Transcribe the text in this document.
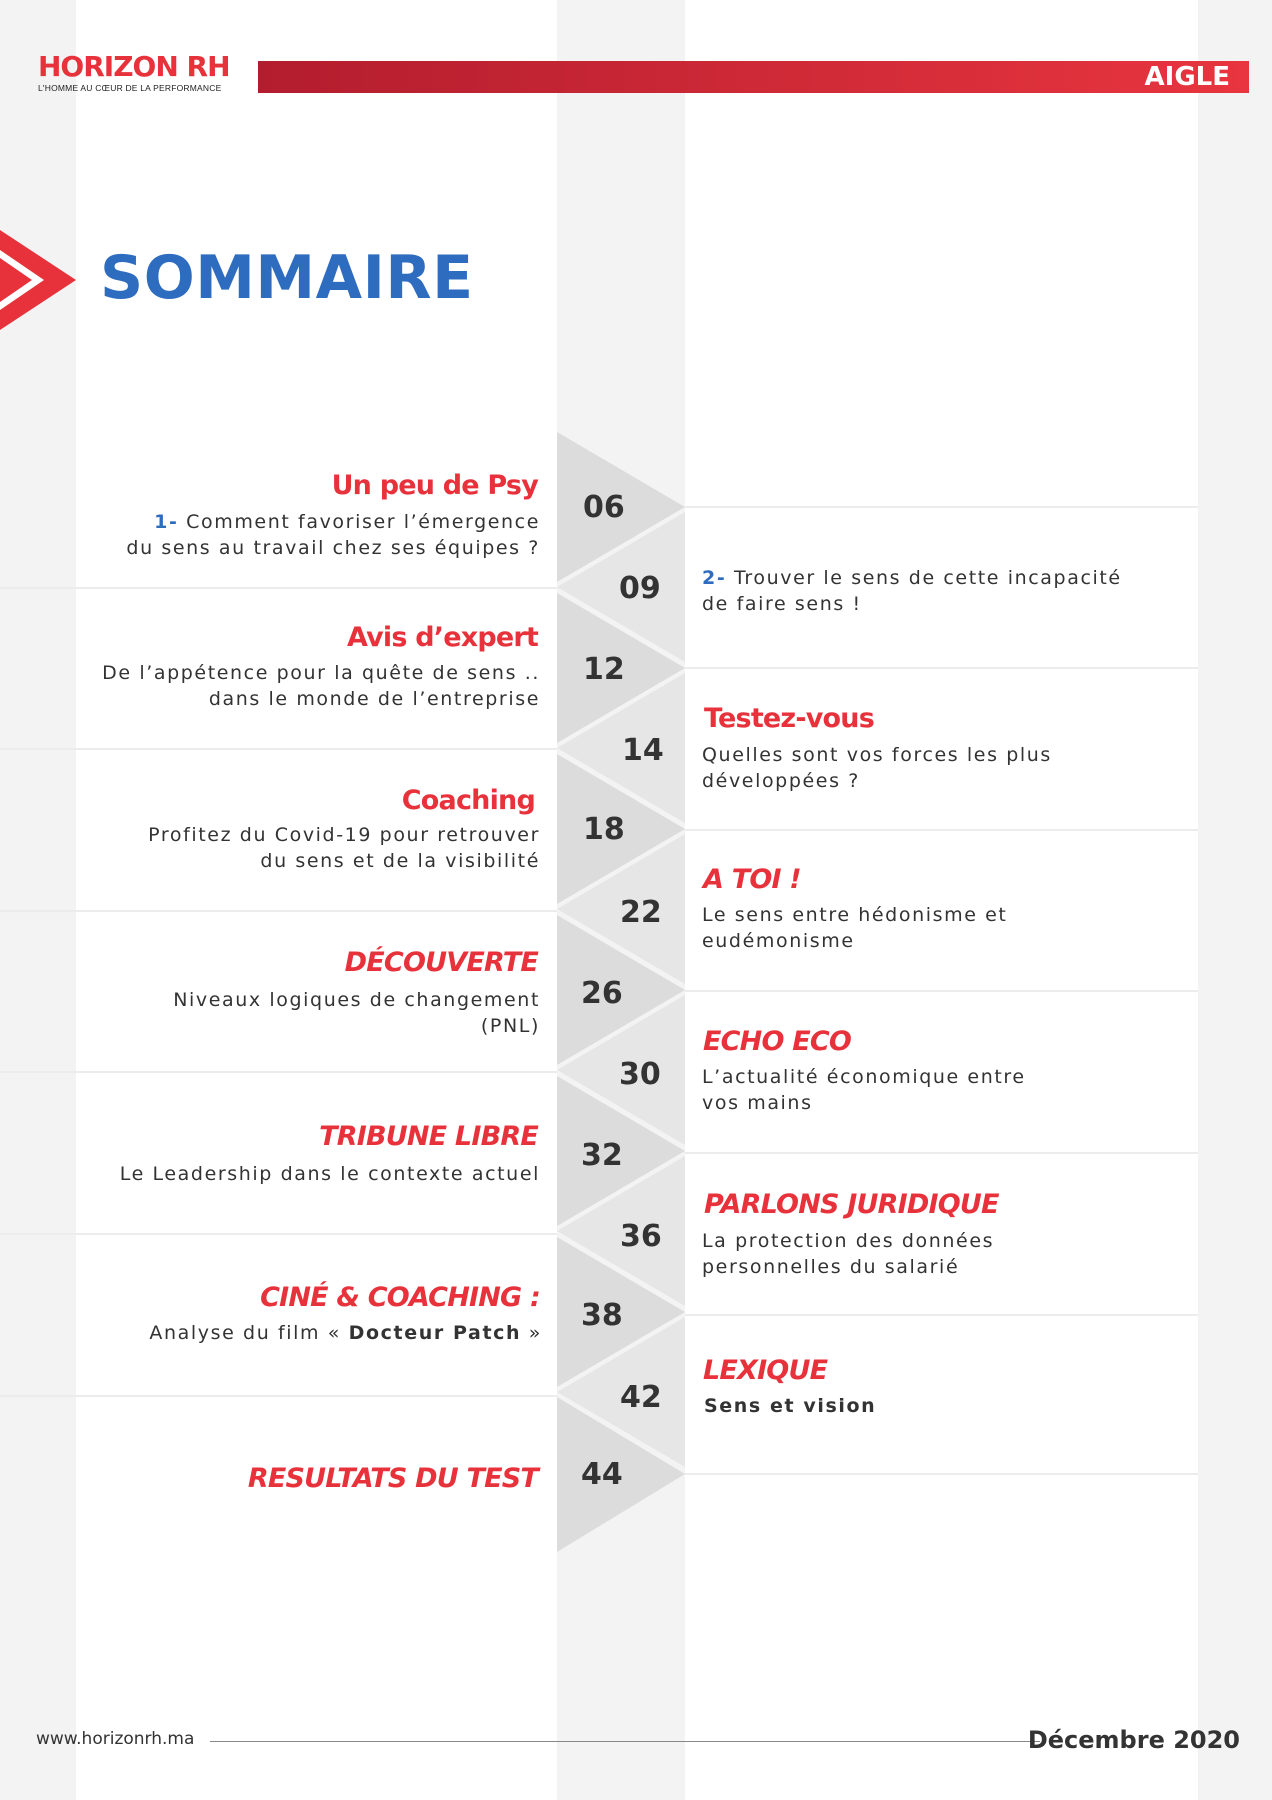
HORIZON RH
L'HOMME AU CŒUR DE LA PERFORMANCE	AIGLE
SOMMAIRE
06
09
12
14
18
22
26
30
32
36
38
42
44
Un peu de Psy
1- Comment favoriser l’émergence
du sens au travail chez ses équipes ?
Avis d’expert
De l’appétence pour la quête de sens ..
dans le monde de l’entreprise
Coaching
Profitez du Covid-19 pour retrouver
du sens et de la visibilité
DÉCOUVERTE
Niveaux logiques de changement
(PNL)
TRIBUNE LIBRE
Le Leadership dans le contexte actuel
CINÉ & COACHING :
Analyse du film « Docteur Patch »
RESULTATS DU TEST
2- Trouver le sens de cette incapacité
de faire sens !
Testez-vous
Quelles sont vos forces les plus
développées ?
A TOI !
Le sens entre hédonisme et
eudémonisme
ECHO ECO
L’actualité économique entre
vos mains
PARLONS JURIDIQUE
La protection des données
personnelles du salarié
LEXIQUE
Sens et vision
www.horizonrh.ma	Décembre 2020
